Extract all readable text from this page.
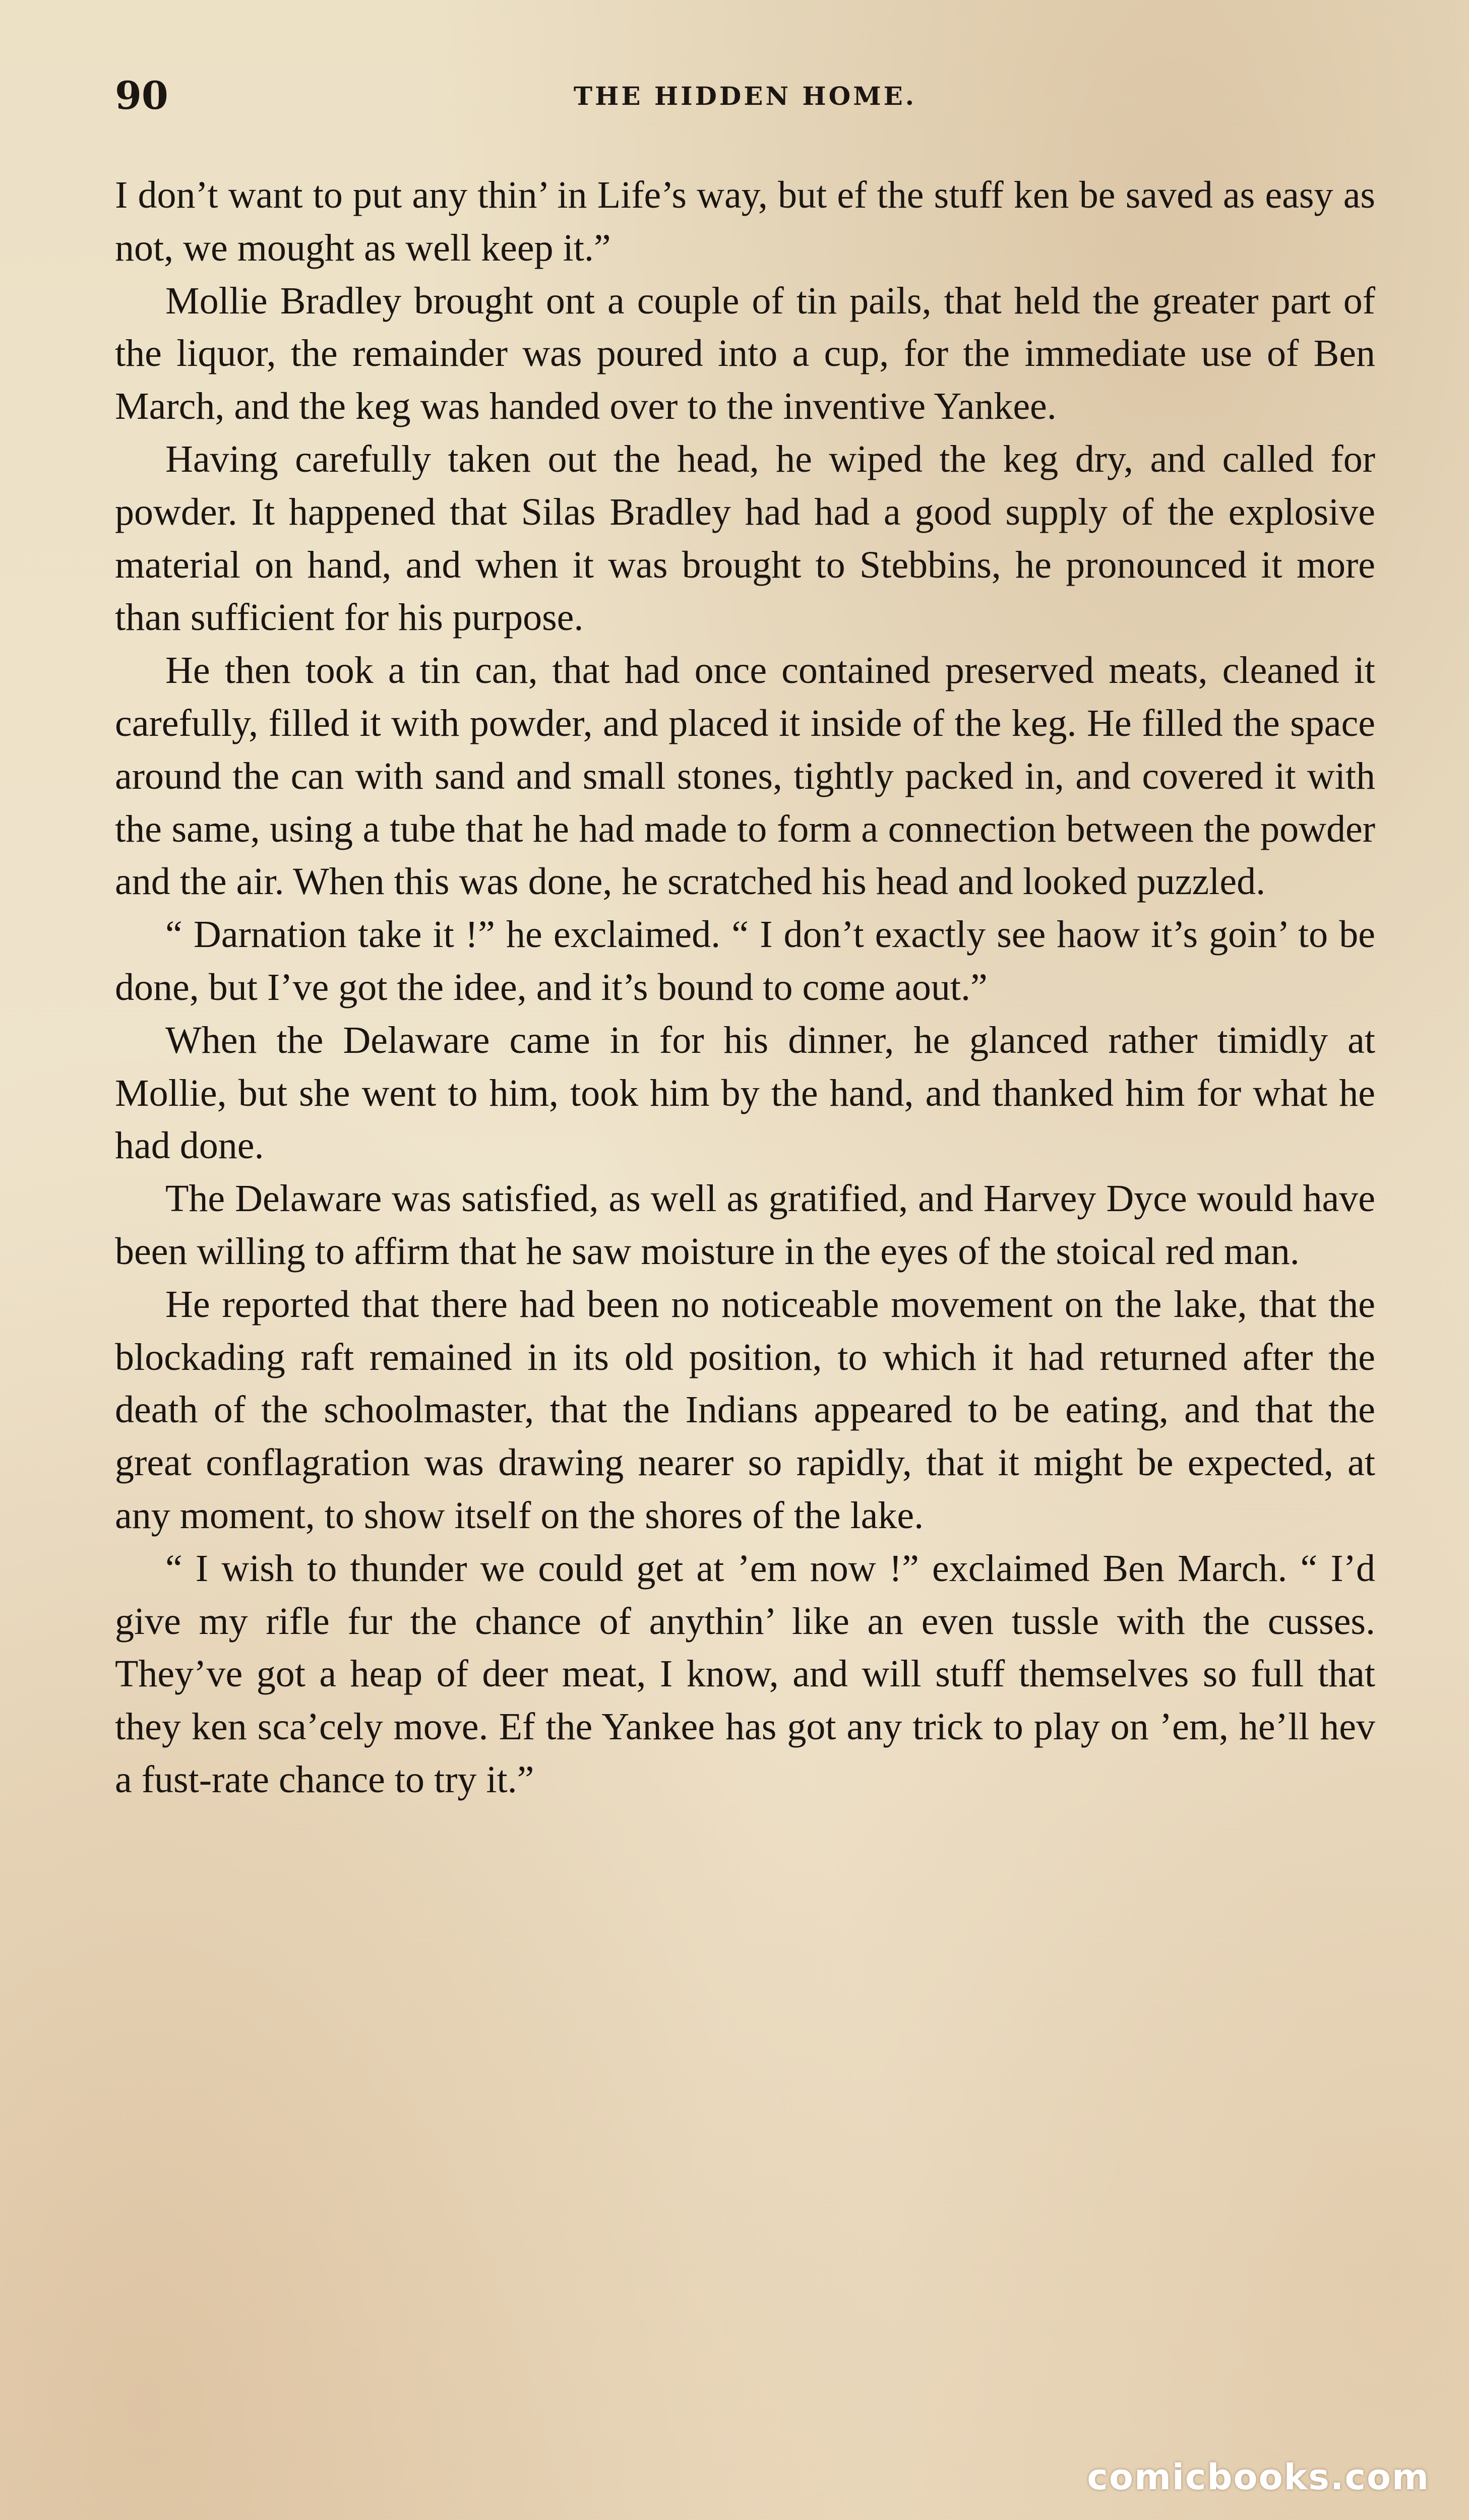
90	THE HIDDEN HOME.

I don’t want to put any thin’ in Life’s way, but ef the stuff ken be saved as easy as not, we mought as well keep it.”

Mollie Bradley brought ont a couple of tin pails, that held the greater part of the liquor, the remainder was poured into a cup, for the immediate use of Ben March, and the keg was handed over to the inventive Yankee.

Having carefully taken out the head, he wiped the keg dry, and called for powder. It happened that Silas Bradley had had a good supply of the explosive material on hand, and when it was brought to Stebbins, he pronounced it more than sufficient for his purpose.

He then took a tin can, that had once contained preserved meats, cleaned it carefully, filled it with powder, and placed it inside of the keg. He filled the space around the can with sand and small stones, tightly packed in, and covered it with the same, using a tube that he had made to form a connection between the powder and the air. When this was done, he scratched his head and looked puzzled.

“ Darnation take it !” he exclaimed. “ I don’t exactly see haow it’s goin’ to be done, but I’ve got the idee, and it’s bound to come aout.”

When the Delaware came in for his dinner, he glanced rather timidly at Mollie, but she went to him, took him by the hand, and thanked him for what he had done.

The Delaware was satisfied, as well as gratified, and Harvey Dyce would have been willing to affirm that he saw moisture in the eyes of the stoical red man.

He reported that there had been no noticeable movement on the lake, that the blockading raft remained in its old position, to which it had returned after the death of the schoolmaster, that the Indians appeared to be eating, and that the great conflagration was drawing nearer so rapidly, that it might be expected, at any moment, to show itself on the shores of the lake.

“ I wish to thunder we could get at ’em now !” exclaimed Ben March. “ I’d give my rifle fur the chance of anythin’ like an even tussle with the cusses. They’ve got a heap of deer meat, I know, and will stuff themselves so full that they ken sca’cely move. Ef the Yankee has got any trick to play on ’em, he’ll hev a fust-rate chance to try it.”

comicbooks.com
